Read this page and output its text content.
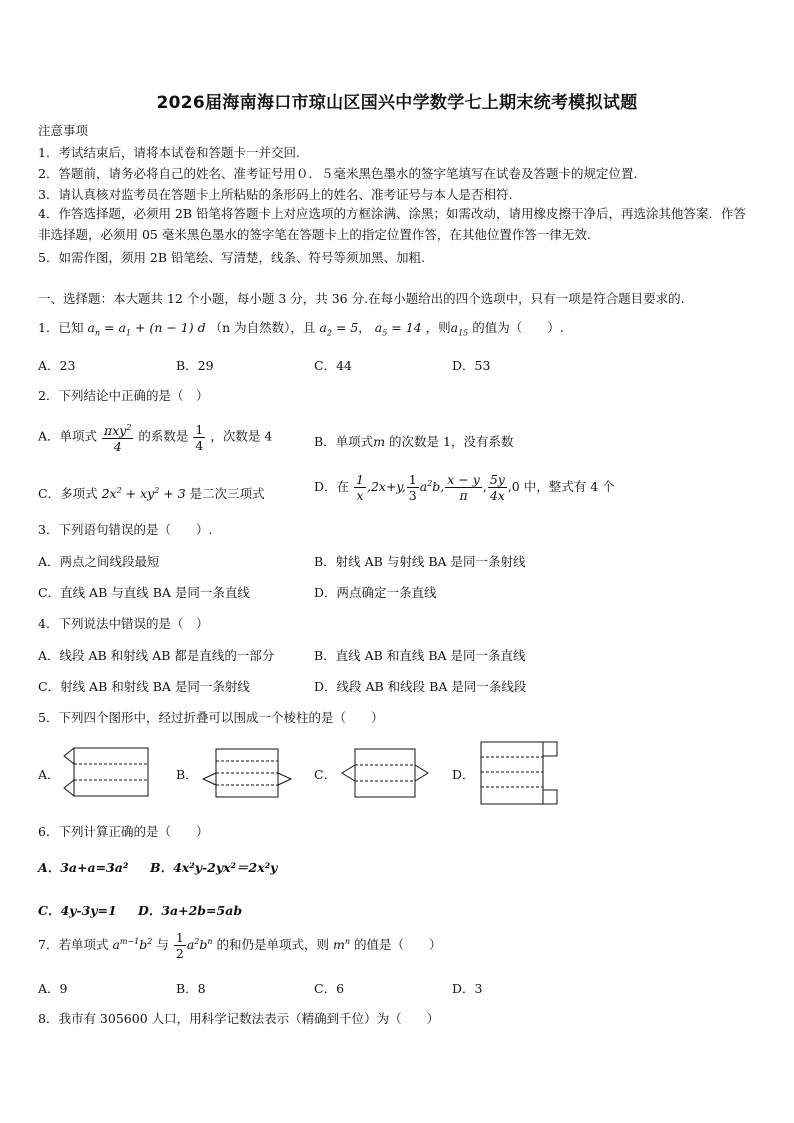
2026届海南海口市琼山区国兴中学数学七上期末统考模拟试题
注意事项
1．考试结束后，请将本试卷和答题卡一并交回.
2．答题前，请务必将自己的姓名、准考证号用０．５毫米黑色墨水的签字笔填写在试卷及答题卡的规定位置.
3．请认真核对监考员在答题卡上所粘贴的条形码上的姓名、准考证号与本人是否相符.
4．作答选择题，必须用 2B 铅笔将答题卡上对应选项的方框涂满、涂黑；如需改动，请用橡皮擦干净后，再选涂其他答案．作答非选择题，必须用 05 毫米黑色墨水的签字笔在答题卡上的指定位置作答，在其他位置作答一律无效.
5．如需作图，须用 2B 铅笔绘、写清楚，线条、符号等须加黑、加粗.
一、选择题：本大题共 12 个小题，每小题 3 分，共 36 分.在每小题给出的四个选项中，只有一项是符合题目要求的.
1．已知 $a_n = a_1 + (n - 1)$ d （n 为自然数），且 $a_2 = 5$， $a_5 = 14$ ，则$a_{15}$ 的值为（　　）.
A．23	B．29	C．44	D．53
2．下列结论中正确的是（　）
A．单项式 $\frac{\pi xy^2}{4}$ 的系数是 $\frac{1}{4}$ ，次数是 4	B．单项式m 的次数是 1，没有系数
C．多项式 $2x^2 + xy^2 + 3$ 是二次三项式	D．在 $\frac{1}{x} ,2x+y$, $\frac{1}{3} a^2b$, $\frac{x - y}{\pi}$ , $\frac{5y}{4x} ,0$ 中，整式有 4 个
3．下列语句错误的是（　　）.
A．两点之间线段最短	B．射线 AB 与射线 BA 是同一条射线
C．直线 AB 与直线 BA 是同一条直线	D．两点确定一条直线
4．下列说法中错误的是（　）
A．线段 AB 和射线 AB 都是直线的一部分	B．直线 AB 和直线 BA 是同一条直线
C．射线 AB 和射线 BA 是同一条射线	D．线段 AB 和线段 BA 是同一条线段
5．下列四个图形中，经过折叠可以围成一个棱柱的是（　　）
A．	B．	C．	D．
6．下列计算正确的是（　　）
A．3a+a=3a² B．4x²y-2yx²＝2x²y
C．4y-3y=1 D．3a+2b=5ab
7．若单项式 $a^{m-1}b^2$ 与 $\frac{1}{2} a^2b^n$ 的和仍是单项式，则 $m^n$ 的值是（　　）
A．9	B．8	C．6	D．3
8．我市有 305600 人口，用科学记数法表示（精确到千位）为（　　）
